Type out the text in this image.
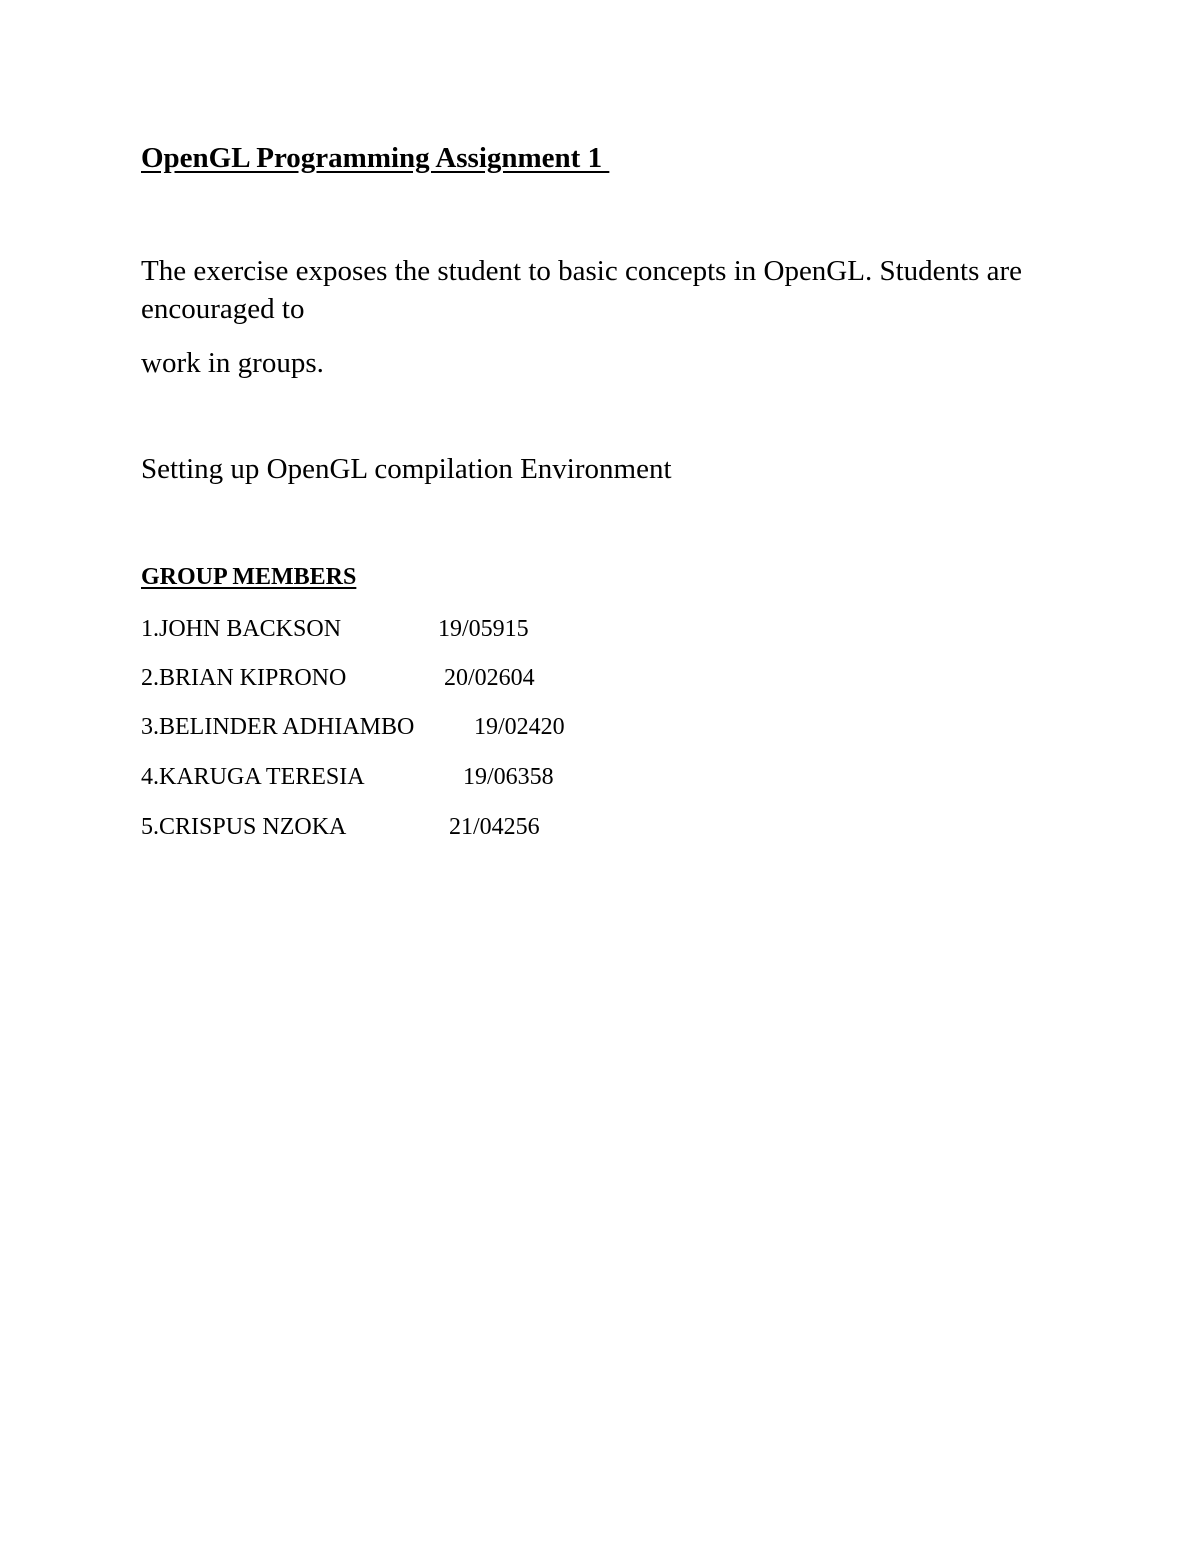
OpenGL Programming Assignment 1

The exercise exposes the student to basic concepts in OpenGL. Students are encouraged to

work in groups.

Setting up OpenGL compilation Environment

GROUP MEMBERS
1.JOHN BACKSON	19/05915
2.BRIAN KIPRONO	20/02604
3.BELINDER ADHIAMBO 19/02420
4.KARUGA TERESIA	19/06358
5.CRISPUS NZOKA	21/04256
